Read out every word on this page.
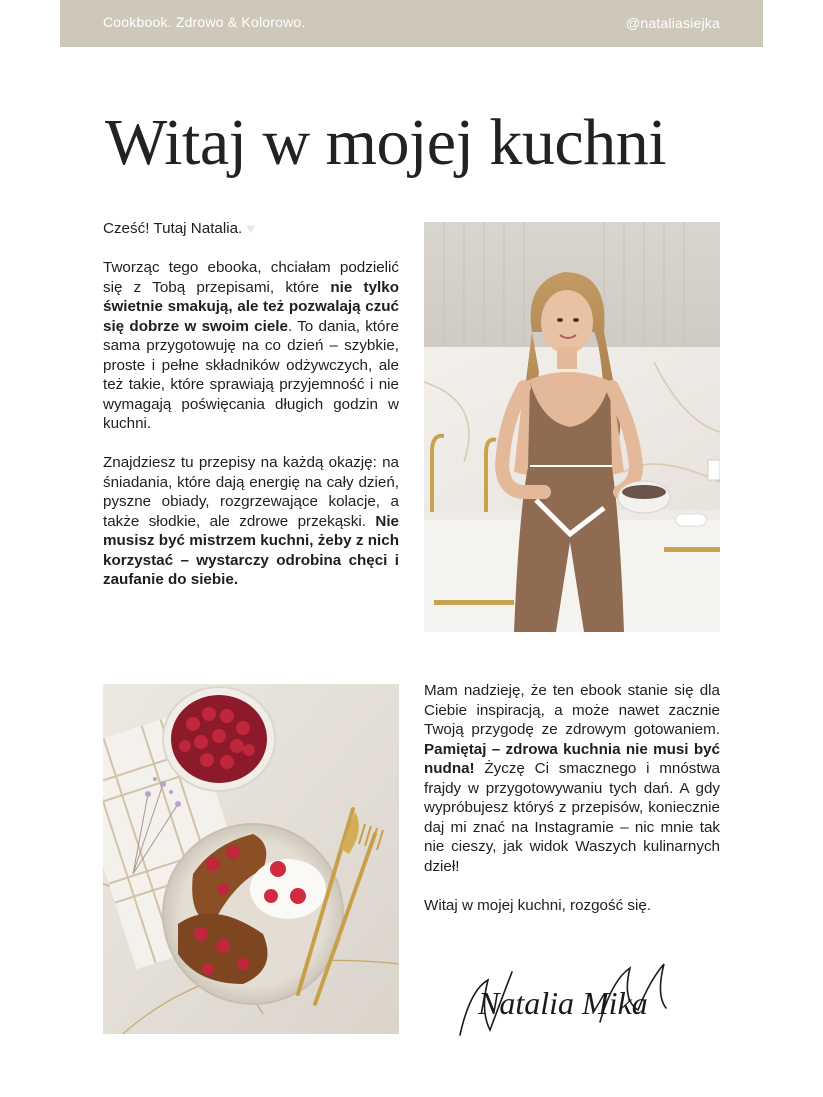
Cookbook. Zdrowo & Kolorowo.	@nataliasiejka
Witaj w mojej kuchni

Cześć! Tutaj Natalia. ♥

Tworząc tego ebooka, chciałam podzielić się z Tobą przepisami, które nie tylko świetnie smakują, ale też pozwalają czuć się dobrze w swoim ciele. To dania, które sama przygotowuję na co dzień – szybkie, proste i pełne składników odżywczych, ale też takie, które sprawiają przyjemność i nie wymagają poświęcania długich godzin w kuchni.

Znajdziesz tu przepisy na każdą okazję: na śniadania, które dają energię na cały dzień, pyszne obiady, rozgrzewające kolacje, a także słodkie, ale zdrowe przekąski. Nie musisz być mistrzem kuchni, żeby z nich korzystać – wystarczy odrobina chęci i zaufanie do siebie.

Mam nadzieję, że ten ebook stanie się dla Ciebie inspiracją, a może nawet zacznie Twoją przygodę ze zdrowym gotowaniem. Pamiętaj – zdrowa kuchnia nie musi być nudna! Życzę Ci smacznego i mnóstwa frajdy w przygotowywaniu tych dań. A gdy wypróbujesz któryś z przepisów, koniecznie daj mi znać na Instagramie – nic mnie tak nie cieszy, jak widok Waszych kulinarnych dzieł!

Witaj w mojej kuchni, rozgość się.

Natalia Mika
